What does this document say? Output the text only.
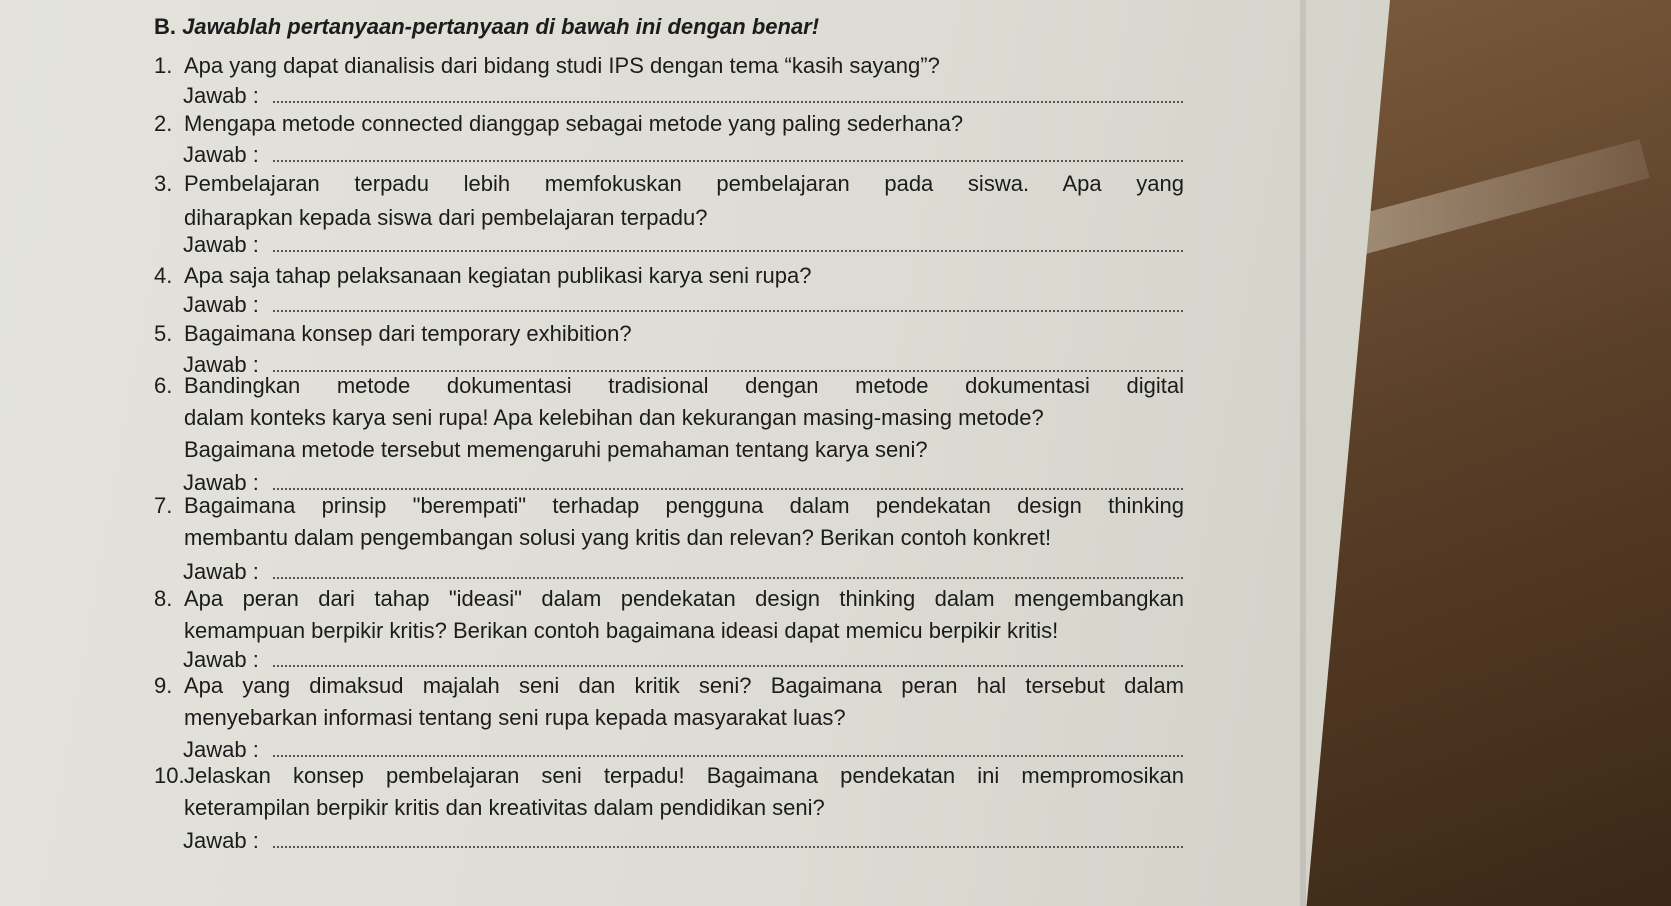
B. Jawablah pertanyaan-pertanyaan di bawah ini dengan benar!
1. Apa yang dapat dianalisis dari bidang studi IPS dengan tema “kasih sayang”?
Jawab :
2. Mengapa metode connected dianggap sebagai metode yang paling sederhana?
Jawab :
3. Pembelajaran terpadu lebih memfokuskan pembelajaran pada siswa. Apa yang
diharapkan kepada siswa dari pembelajaran terpadu?
Jawab :
4. Apa saja tahap pelaksanaan kegiatan publikasi karya seni rupa?
Jawab :
5. Bagaimana konsep dari temporary exhibition?
Jawab :
6. Bandingkan metode dokumentasi tradisional dengan metode dokumentasi digital
dalam konteks karya seni rupa! Apa kelebihan dan kekurangan masing-masing metode?
Bagaimana metode tersebut memengaruhi pemahaman tentang karya seni?
Jawab :
7. Bagaimana prinsip "berempati" terhadap pengguna dalam pendekatan design thinking
membantu dalam pengembangan solusi yang kritis dan relevan? Berikan contoh konkret!
Jawab :
8. Apa peran dari tahap "ideasi" dalam pendekatan design thinking dalam mengembangkan
kemampuan berpikir kritis? Berikan contoh bagaimana ideasi dapat memicu berpikir kritis!
Jawab :
9. Apa yang dimaksud majalah seni dan kritik seni? Bagaimana peran hal tersebut dalam
menyebarkan informasi tentang seni rupa kepada masyarakat luas?
Jawab :
10.Jelaskan konsep pembelajaran seni terpadu! Bagaimana pendekatan ini mempromosikan
keterampilan berpikir kritis dan kreativitas dalam pendidikan seni?
Jawab :
